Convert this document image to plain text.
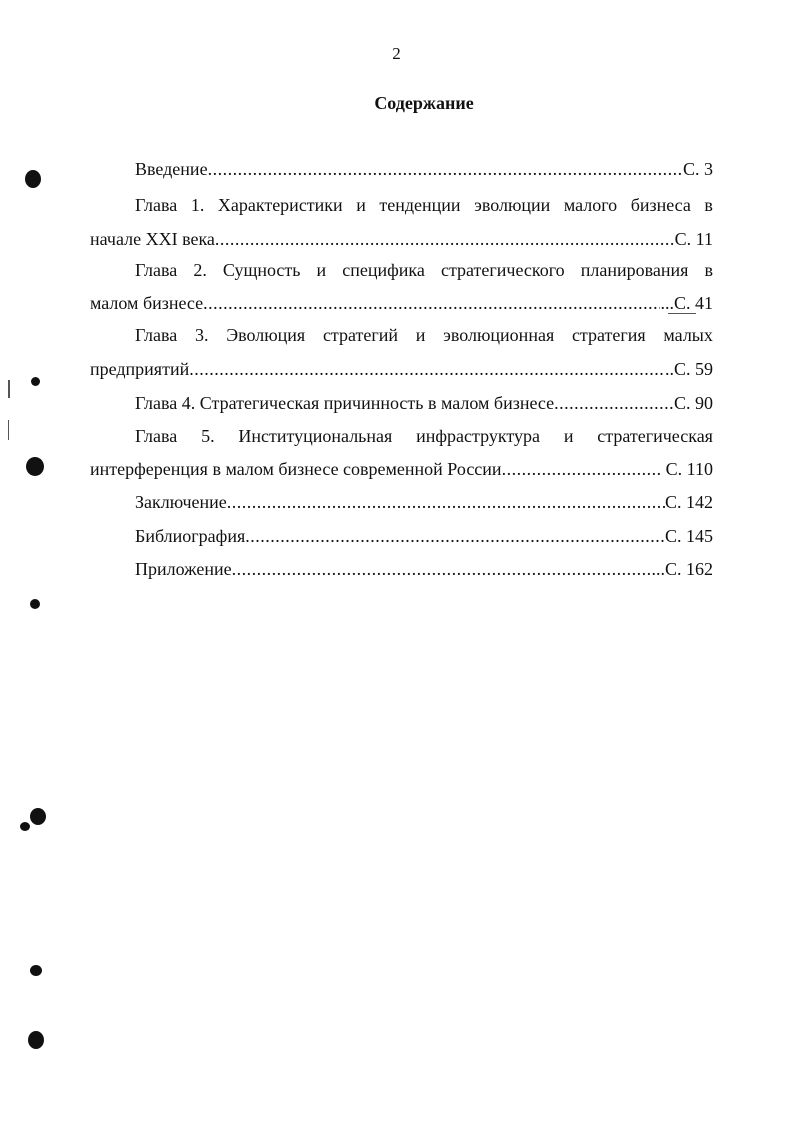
2
Содержание
Введение .....	С. 3
Глава 1. Характеристики и тенденции эволюции малого бизнеса в
начале XXI века .....	С. 11
Глава 2. Сущность и специфика стратегического планирования в
малом бизнесе .....	...С. 41
Глава 3. Эволюция стратегий и эволюционная стратегия малых
предприятий .....	..С. 59
Глава 4. Стратегическая причинность в малом бизнесе .....	С. 90
Глава 5. Институциональная инфраструктура и стратегическая
интерференция в малом бизнесе современной России .....	С. 110
Заключение .....	С. 142
Библиография .....	С. 145
Приложение .....	...С. 162
